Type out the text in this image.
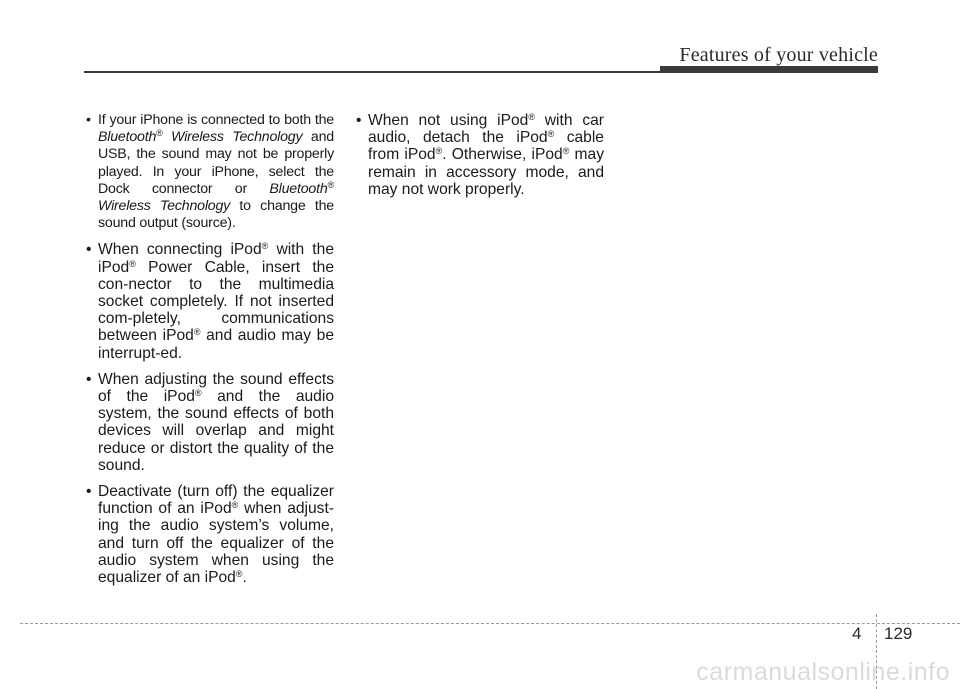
Features of your vehicle

• If your iPhone is connected to both the Bluetooth® Wireless Technology and USB, the sound may not be properly played. In your iPhone, select the Dock connector or Bluetooth® Wireless Technology to change the sound output (source).

• When connecting iPod® with the iPod® Power Cable, insert the con-nector to the multimedia socket completely. If not inserted com-pletely, communications between iPod® and audio may be interrupt-ed.

• When adjusting the sound effects of the iPod® and the audio system, the sound effects of both devices will overlap and might reduce or distort the quality of the sound.

• Deactivate (turn off) the equalizer function of an iPod® when adjust-ing the audio system’s volume, and turn off the equalizer of the audio system when using the equalizer of an iPod®.

• When not using iPod® with car audio, detach the iPod® cable from iPod®. Otherwise, iPod® may remain in accessory mode, and may not work properly.

4 129
carmanualsonline.info
